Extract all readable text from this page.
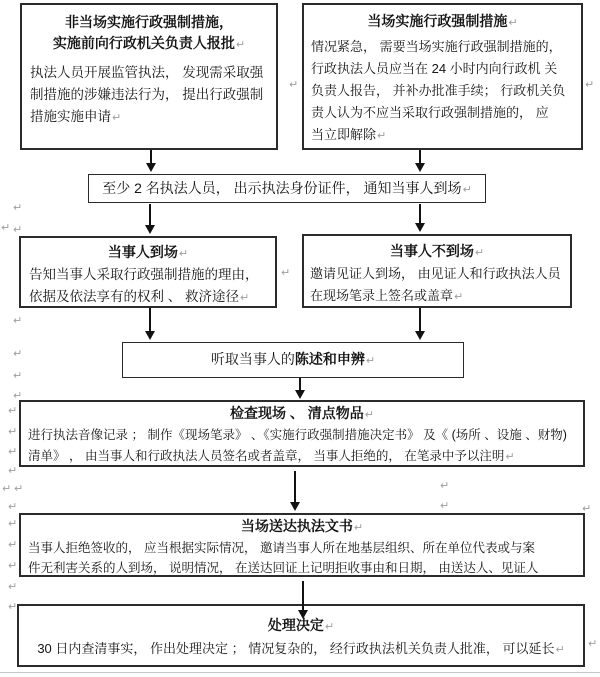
非当场实施行政强制措施，
实施前向行政机关负责人报批↵
执法人员开展监管执法， 发现需采取强
制措施的涉嫌违法行为， 提出行政强制
措施实施申请↵
当场实施行政强制措施↵
情况紧急， 需要当场实施行政强制措施的，
行政执法人员应当在 24 小时内向行政机 关
负责人报告， 并补办批准手续； 行政机关负
责人认为不应当采取行政强制措施的， 应
当立即解除↵
至少 2 名执法人员， 出示执法身份证件， 通知当事人到场↵
当事人到场↵
告知当事人采取行政强制措施的理由，
依据及依法享有的权利 、 救济途径↵
当事人不到场↵
邀请见证人到场， 由见证人和行政执法人员
在现场笔录上签名或盖章↵
听取当事人的陈述和申辨↵
检查现场 、 清点物品↵
进行执法音像记录 ； 制作《现场笔录》 、《实施行政强制措施决定书》 及《 (场所 、设施 、财物)
清单》 ， 由当事人和行政执法人员签名或者盖章， 当事人拒绝的， 在笔录中予以注明↵
当场送达执法文书↵
当事人拒绝签收的， 应当根据实际情况， 邀请当事人所在地基层组织、所在单位代表或与案
件无利害关系的人到场， 说明情况， 在送达回证上记明拒收事由和日期， 由送达人、见证人
处理决定↵
30 日内查清事实， 作出处理决定 ； 情况复杂的， 经行政执法机关负责人批准， 可以延长↵
↵	↵
↵
↵
↵
↵
↵
↵
↵
↵
↵
↵
↵
↵
↵ ↵
↵
↵
↵	↵
↵
↵
↵
↵
↵
↵
